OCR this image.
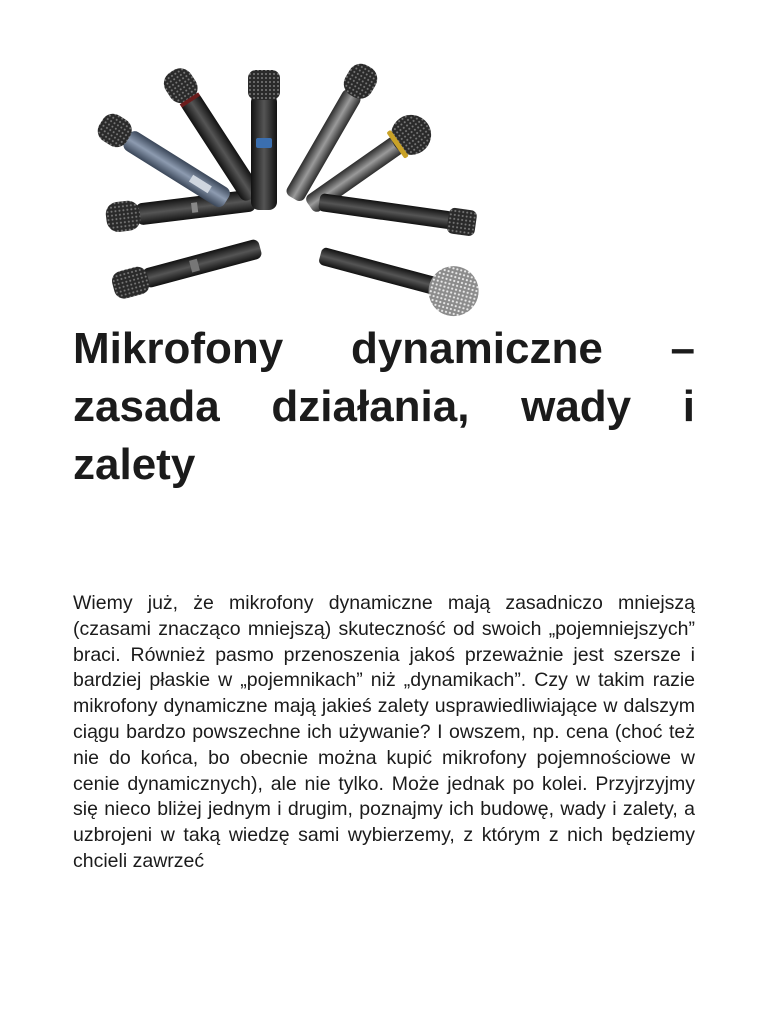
Mikrofony dynamiczne – zasada działania, wady i zalety

Wiemy już, że mikrofony dynamiczne mają zasadniczo mniejszą (czasami znacząco mniejszą) skuteczność od swoich „pojemniejszych” braci. Również pasmo przenoszenia jakoś przeważnie jest szersze i bardziej płaskie w „pojemnikach” niż „dynamikach”. Czy w takim razie mikrofony dynamiczne mają jakieś zalety usprawiedliwiające w dalszym ciągu bardzo powszechne ich używanie? I owszem, np. cena (choć też nie do końca, bo obecnie można kupić mikrofony pojemnościowe w cenie dynamicznych), ale nie tylko. Może jednak po kolei. Przyjrzyjmy się nieco bliżej jednym i drugim, poznajmy ich budowę, wady i zalety, a uzbrojeni w taką wiedzę sami wybierzemy, z którym z nich będziemy chcieli zawrzeć
